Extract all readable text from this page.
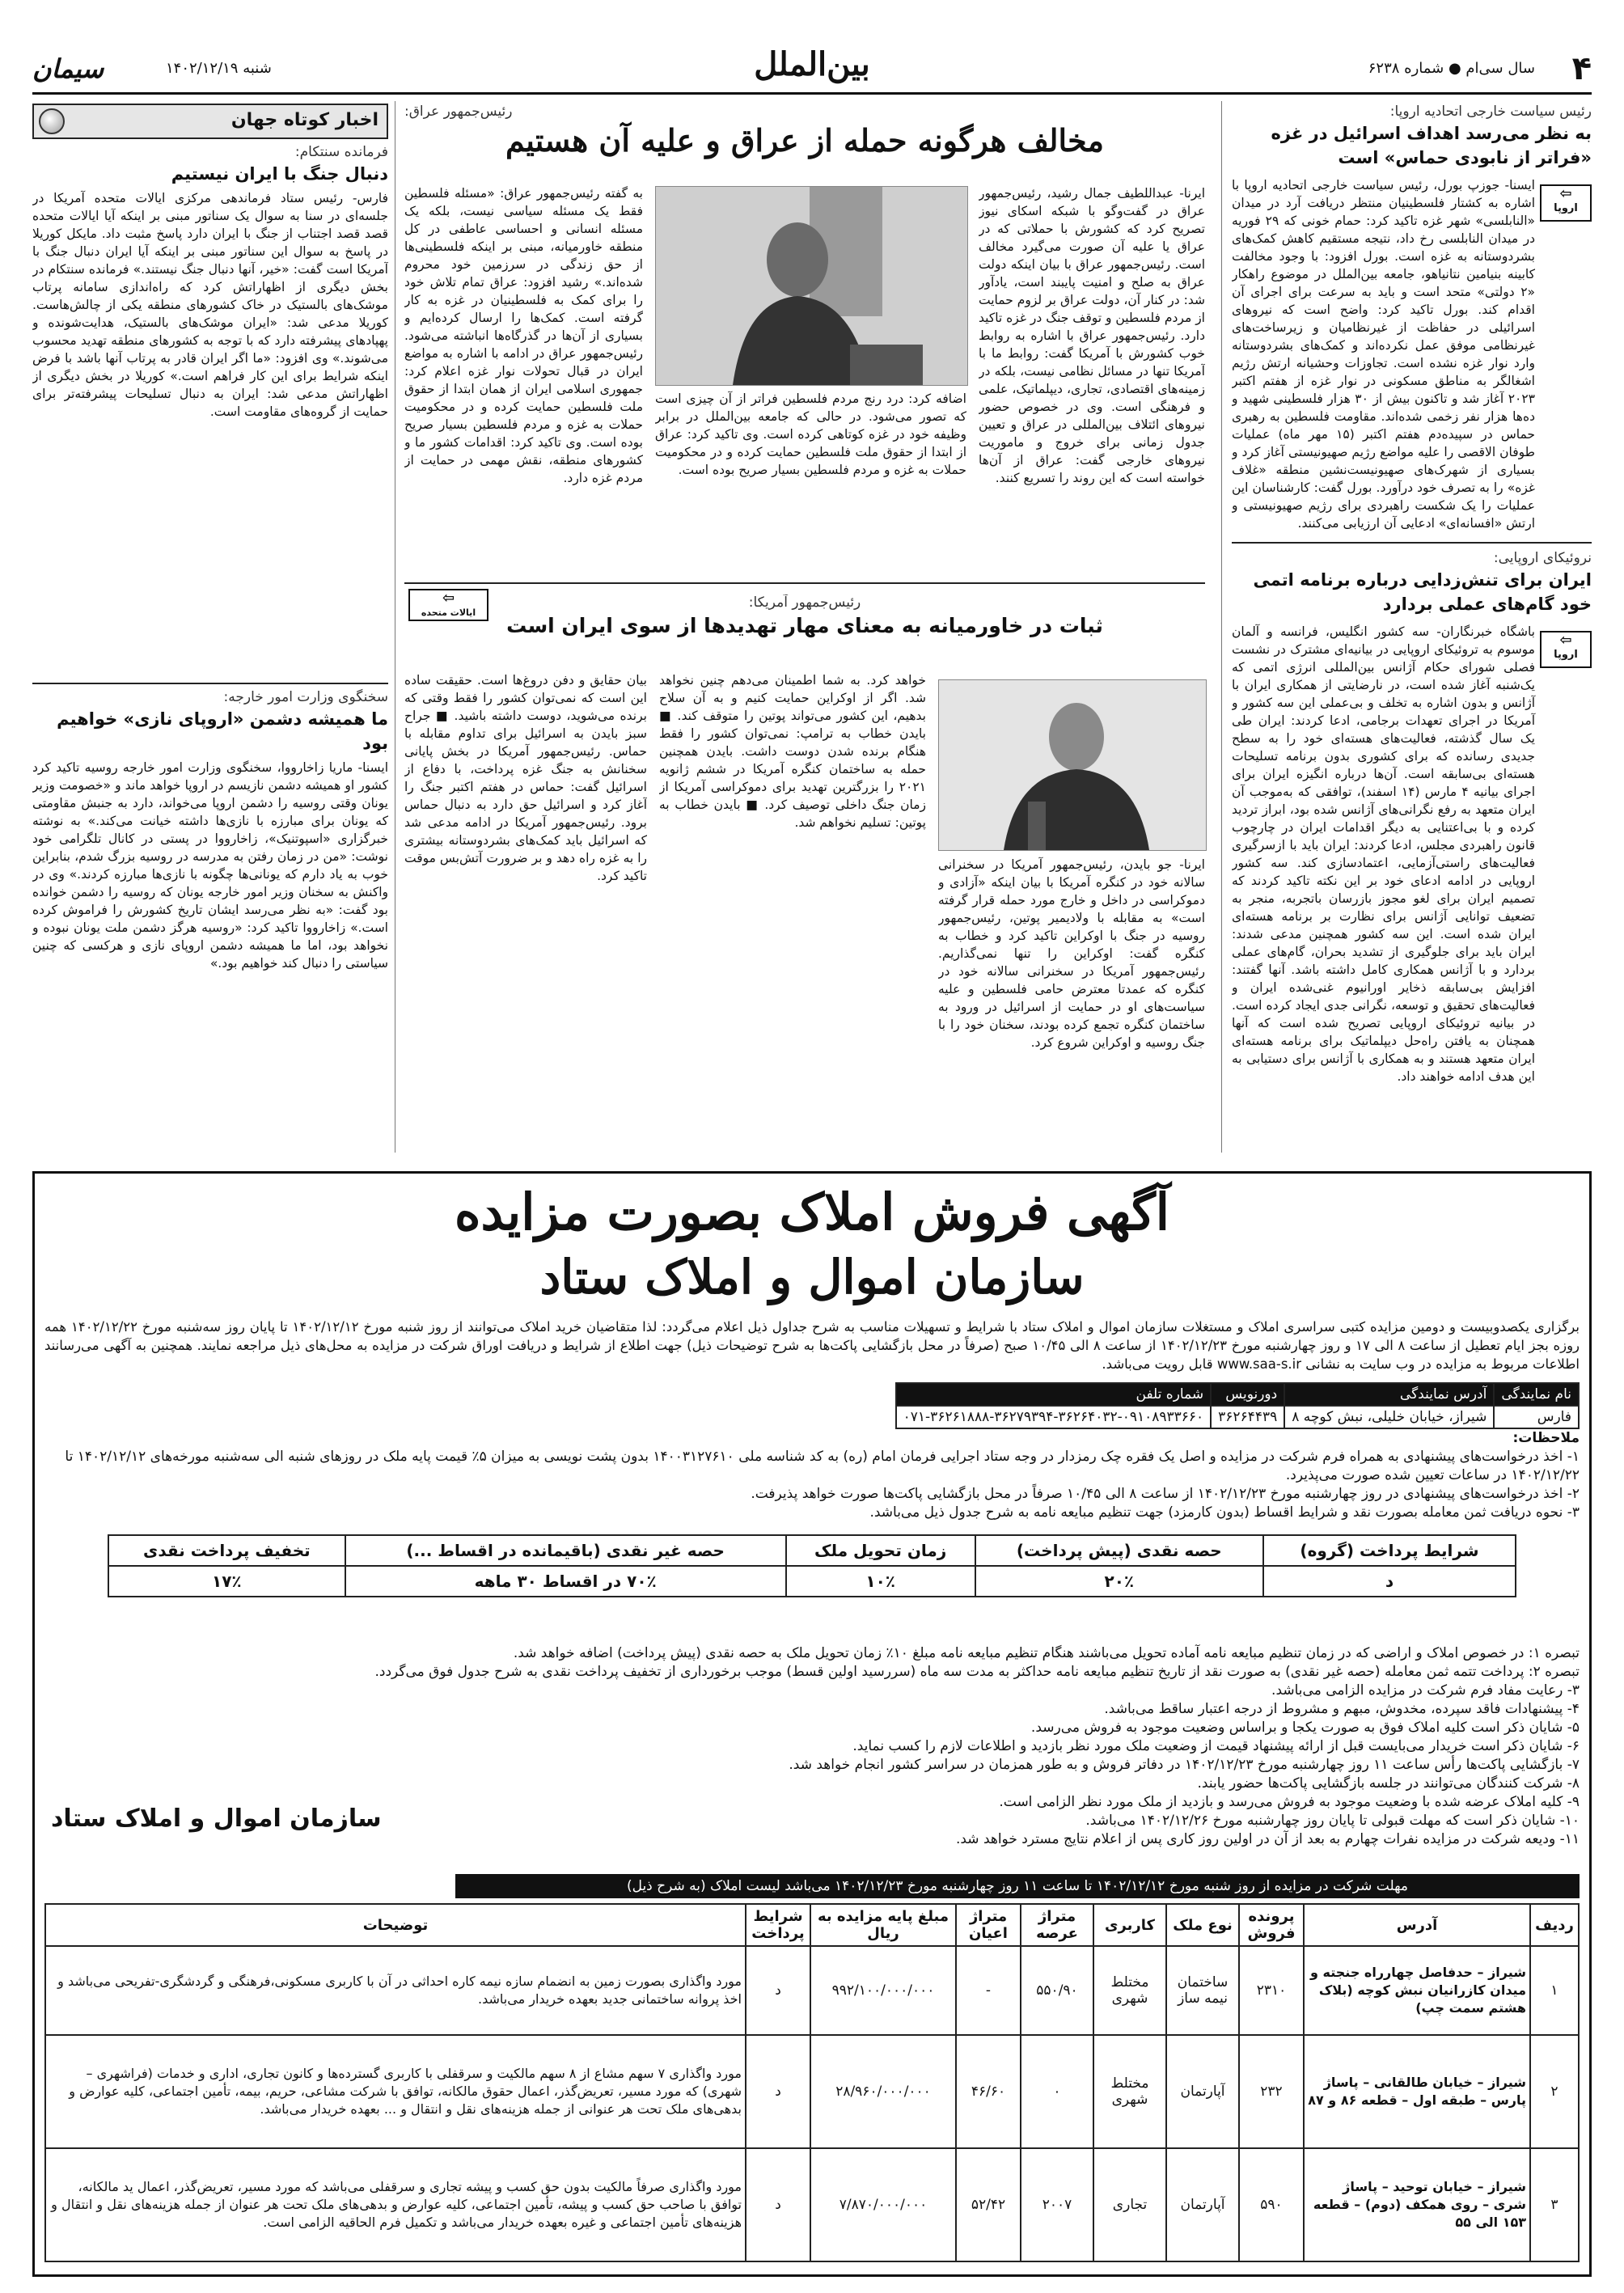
۴
سال سی‌ام ● شماره ۶۲۳۸
بین‌الملل
شنبه ۱۴۰۲/۱۲/۱۹
سیمان

رئیس سیاست خارجی اتحادیه اروپا:

به نظر می‌رسد اهداف اسرائیل در غزه «فراتر از نابودی حماس» است

⇦
اروپا

ایسنا- جوزپ بورل، رئیس سیاست خارجی اتحادیه اروپا با اشاره به کشتار فلسطینیان منتظر دریافت آرد در میدان «النابلسی» شهر غزه تاکید کرد: حمام خونی که ۲۹ فوریه در میدان النابلسی رخ داد، نتیجه مستقیم کاهش کمک‌های بشردوستانه به غزه است. بورل افزود: با وجود مخالفت کابینه بنیامین نتانیاهو، جامعه بین‌الملل در موضوع راهکار «۲ دولتی» متحد است و باید به سرعت برای اجرای آن اقدام کند. بورل تاکید کرد: واضح است که نیروهای اسرائیلی در حفاظت از غیرنظامیان و زیرساخت‌های غیرنظامی موفق عمل نکرده‌اند و کمک‌های بشردوستانه وارد نوار غزه نشده است. تجاوزات وحشیانه ارتش رژیم اشغالگر به مناطق مسکونی در نوار غزه از هفتم اکتبر ۲۰۲۳ آغاز شد و تاکنون بیش از ۳۰ هزار فلسطینی شهید و ده‌ها هزار نفر زخمی شده‌اند. مقاومت فلسطین به رهبری حماس در سپیده‌دم هفتم اکتبر (۱۵ مهر ماه) عملیات طوفان الاقصی را علیه مواضع رژیم صهیونیستی آغاز کرد و بسیاری از شهرک‌های صهیونیست‌نشین منطقه «غلاف غزه» را به تصرف خود درآورد. بورل گفت: کارشناسان این عملیات را یک شکست راهبردی برای رژیم صهیونیستی و ارتش «افسانه‌ای» ادعایی آن ارزیابی می‌کنند.

نروئیکای اروپایی:

ایران برای تنش‌زدایی درباره برنامه اتمی خود گام‌های عملی بردارد

⇦
اروپا

باشگاه خبرنگاران- سه کشور انگلیس، فرانسه و آلمان موسوم به تروئیکای اروپایی در بیانیه‌ای مشترک در نشست فصلی شورای حکام آژانس بین‌المللی انرژی اتمی که یک‌شنبه آغاز شده است، در نارضایتی از همکاری ایران با آژانس و بدون اشاره به تخلف و بی‌عملی این سه کشور و آمریکا در اجرای تعهدات برجامی، ادعا کردند: ایران طی یک سال گذشته، فعالیت‌های هسته‌ای خود را به سطح جدیدی رسانده که برای کشوری بدون برنامه تسلیحات هسته‌ای بی‌سابقه است. آن‌ها درباره انگیزه ایران برای اجرای بیانیه ۴ مارس (۱۴ اسفند)، توافقی که به‌موجب آن ایران متعهد به رفع نگرانی‌های آژانس شده بود، ابراز تردید کرده و با بی‌اعتنایی به دیگر اقدامات ایران در چارچوب قانون راهبردی مجلس، ادعا کردند: ایران باید با ازسرگیری فعالیت‌های راستی‌آزمایی، اعتمادسازی کند. سه کشور اروپایی در ادامه ادعای خود بر این نکته تاکید کردند که تصمیم ایران برای لغو مجوز بازرسان باتجربه، منجر به تضعیف توانایی آژانس برای نظارت بر برنامه هسته‌ای ایران شده است. این سه کشور همچنین مدعی شدند: ایران باید برای جلوگیری از تشدید بحران، گام‌های عملی بردارد و با آژانس همکاری کامل داشته باشد. آنها گفتند: افزایش بی‌سابقه ذخایر اورانیوم غنی‌شده ایران و فعالیت‌های تحقیق و توسعه، نگرانی جدی ایجاد کرده است. در بیانیه تروئیکای اروپایی تصریح شده است که آنها همچنان به یافتن راه‌حل دیپلماتیک برای برنامه هسته‌ای ایران متعهد هستند و به همکاری با آژانس برای دستیابی به این هدف ادامه خواهند داد.

رئیس‌جمهور عراق:

مخالف هرگونه حمله از عراق و علیه آن هستیم

ایرنا- عبداللطیف جمال رشید، رئیس‌جمهور عراق در گفت‌وگو با شبکه اسکای نیوز تصریح کرد که کشورش با حملاتی که در عراق یا علیه آن صورت می‌گیرد مخالف است. رئیس‌جمهور عراق با بیان اینکه دولت عراق به صلح و امنیت پایبند است، یادآور شد: در کنار آن، دولت عراق بر لزوم حمایت از مردم فلسطین و توقف جنگ در غزه تاکید دارد. رئیس‌جمهور عراق با اشاره به روابط خوب کشورش با آمریکا گفت: روابط ما با آمریکا تنها در مسائل نظامی نیست، بلکه در زمینه‌های اقتصادی، تجاری، دیپلماتیک، علمی و فرهنگی است. وی در خصوص حضور نیروهای ائتلاف بین‌المللی در عراق و تعیین جدول زمانی برای خروج و ماموریت نیروهای خارجی گفت: عراق از آن‌ها خواسته است که این روند را تسریع کنند.

اضافه کرد: درد رنج مردم فلسطین فراتر از آن چیزی است که تصور می‌شود. در حالی که جامعه بین‌الملل در برابر وظیفه خود در غزه کوتاهی کرده است. وی تاکید کرد: عراق از ابتدا از حقوق ملت فلسطین حمایت کرده و در محکومیت حملات به غزه و مردم فلسطین بسیار صریح بوده است.

به گفته رئیس‌جمهور عراق: «مسئله فلسطین فقط یک مسئله سیاسی نیست، بلکه یک مسئله انسانی و احساسی عاطفی در کل منطقه خاورمیانه، مبنی بر اینکه فلسطینی‌ها از حق زندگی در سرزمین خود محروم شده‌اند.» رشید افزود: عراق تمام تلاش خود را برای کمک به فلسطینیان در غزه به کار گرفته است. کمک‌ها را ارسال کرده‌ایم و بسیاری از آن‌ها در گذرگاه‌ها انباشته می‌شود. رئیس‌جمهور عراق در ادامه با اشاره به مواضع ایران در قبال تحولات نوار غزه اعلام کرد: جمهوری اسلامی ایران از همان ابتدا از حقوق ملت فلسطین حمایت کرده و در محکومیت حملات به غزه و مردم فلسطین بسیار صریح بوده است. وی تاکید کرد: اقدامات کشور ما و کشورهای منطقه، نقش مهمی در حمایت از مردم غزه دارد.

رئیس‌جمهور آمریکا:

ثبات در خاورمیانه به معنای مهار تهدیدها از سوی ایران است

⇦
ایالات متحده

ایرنا- جو بایدن، رئیس‌جمهور آمریکا در سخنرانی سالانه خود در کنگره آمریکا با بیان اینکه «آزادی و دموکراسی در داخل و خارج مورد حمله قرار گرفته است» به مقابله با ولادیمیر پوتین، رئیس‌جمهور روسیه در جنگ با اوکراین تاکید کرد و خطاب به کنگره گفت: اوکراین را تنها نمی‌گذاریم. رئیس‌جمهور آمریکا در سخنرانی سالانه خود در کنگره که عمدتا معترض حامی فلسطین و علیه سیاست‌های او در حمایت از اسرائیل در ورود به ساختمان کنگره تجمع کرده بودند، سخنان خود را با جنگ روسیه و اوکراین شروع کرد.

خواهد کرد. به شما اطمینان می‌دهم چنین نخواهد شد. اگر از اوکراین حمایت کنیم و به آن سلاح بدهیم، این کشور می‌تواند پوتین را متوقف کند. ■ بایدن خطاب به ترامپ: نمی‌توان کشور را فقط هنگام برنده شدن دوست داشت. بایدن همچنین حمله به ساختمان کنگره آمریکا در ششم ژانویه ۲۰۲۱ را بزرگترین تهدید برای دموکراسی آمریکا از زمان جنگ داخلی توصیف کرد. ■ بایدن خطاب به پوتین: تسلیم نخواهم شد.

بیان حقایق و دفن دروغ‌ها است. حقیقت ساده این است که نمی‌توان کشور را فقط وقتی که برنده می‌شوید، دوست داشته باشید. ■ جراح سبز بایدن به اسرائیل برای تداوم مقابله با حماس. رئیس‌جمهور آمریکا در بخش پایانی سخنانش به جنگ غزه پرداخت، با دفاع از اسرائیل گفت: حماس در هفتم اکتبر جنگ را آغاز کرد و اسرائیل حق دارد به دنبال حماس برود. رئیس‌جمهور آمریکا در ادامه مدعی شد که اسرائیل باید کمک‌های بشردوستانه بیشتری را به غزه راه دهد و بر ضرورت آتش‌بس موقت تاکید کرد.

اخبار کوتاه جهان

فرمانده سنتکام:

دنبال جنگ با ایران نیستیم

فارس- رئیس ستاد فرماندهی مرکزی ایالات متحده آمریکا در جلسه‌ای در سنا به سوال یک سناتور مبنی بر اینکه آیا ایالات متحده قصد قصد اجتناب از جنگ با ایران دارد پاسخ مثبت داد. مایکل کوریلا در پاسخ به سوال این سناتور مبنی بر اینکه آیا ایران دنبال جنگ با آمریکا است گفت: «خیر، آنها دنبال جنگ نیستند.» فرمانده سنتکام در بخش دیگری از اظهاراتش کرد که راه‌اندازی سامانه پرتاب موشک‌های بالستیک در خاک کشورهای منطقه یکی از چالش‌هاست. کوریلا مدعی شد: «ایران موشک‌های بالستیک، هدایت‌شونده و پهپادهای پیشرفته دارد که با توجه به کشورهای منطقه تهدید محسوب می‌شوند.» وی افزود: «ما اگر ایران قادر به پرتاب آنها باشد با فرض اینکه شرایط برای این کار فراهم است.» کوریلا در بخش دیگری از اظهاراتش مدعی شد: ایران به دنبال تسلیحات پیشرفته‌تر برای حمایت از گروه‌های مقاومت است.

سخنگوی وزارت امور خارجه:

ما همیشه دشمن «اروپای نازی» خواهیم بود

ایسنا- ماریا زاخارووا، سخنگوی وزارت امور خارجه روسیه تاکید کرد کشور او همیشه دشمن نازیسم در اروپا خواهد ماند و «خصومت وزیر یونان وقتی روسیه را دشمن اروپا می‌خواند، دارد به جنبش مقاومتی که یونان برای مبارزه با نازی‌ها داشته خیانت می‌کند.» به نوشته خبرگزاری «اسپوتنیک»، زاخارووا در پستی در کانال تلگرامی خود نوشت: «من در زمان رفتن به مدرسه در روسیه بزرگ شدم، بنابراین خوب به یاد دارم که یونانی‌ها چگونه با نازی‌ها مبارزه کردند.» وی در واکنش به سخنان وزیر امور خارجه یونان که روسیه را دشمن خوانده بود گفت: «به نظر می‌رسد ایشان تاریخ کشورش را فراموش کرده است.» زاخارووا تاکید کرد: «روسیه هرگز دشمن ملت یونان نبوده و نخواهد بود، اما ما همیشه دشمن اروپای نازی و هرکسی که چنین سیاستی را دنبال کند خواهیم بود.»

آگهی فروش املاک بصورت مزایده
سازمان اموال و املاک ستاد

برگزاری یکصدوبیست و دومین مزایده کتبی سراسری املاک و مستغلات سازمان اموال و املاک ستاد با شرایط و تسهیلات مناسب به شرح جداول ذیل اعلام می‌گردد: لذا متقاضیان خرید املاک می‌توانند از روز شنبه مورخ ۱۴۰۲/۱۲/۱۲ تا پایان روز سه‌شنبه مورخ ۱۴۰۲/۱۲/۲۲ همه روزه بجز ایام تعطیل از ساعت ۸ الی ۱۷ و روز چهارشنبه مورخ ۱۴۰۲/۱۲/۲۳ از ساعت ۸ الی ۱۰/۴۵ صبح (صرفاً در محل بازگشایی پاکت‌ها به شرح توضیحات ذیل) جهت اطلاع از شرایط و دریافت اوراق شرکت در مزایده به محل‌های ذیل مراجعه نمایند. همچنین به آگهی می‌رسانند اطلاعات مربوط به مزایده در وب سایت به نشانی www.saa-s.ir قابل رویت می‌باشد.

نام نمایندگی	آدرس نمایندگی	دورنویس	شماره تلفن
فارس	شیراز، خیابان خلیلی، نبش کوچه ۸	۳۶۲۶۴۴۳۹	۰۷۱-۳۶۲۶۱۸۸۸-۳۶۲۷۹۳۹۴-۳۶۲۶۴۰۳۲-۰۹۱۰۸۹۳۳۶۶۰

ملاحظات:

۱- اخذ درخواست‌های پیشنهادی به همراه فرم شرکت در مزایده و اصل یک فقره چک رمزدار در وجه ستاد اجرایی فرمان امام (ره) به کد شناسه ملی ۱۴۰۰۳۱۲۷۶۱۰ بدون پشت نویسی به میزان ۵٪ قیمت پایه ملک در روزهای شنبه الی سه‌شنبه مورخه‌های ۱۴۰۲/۱۲/۱۲ تا ۱۴۰۲/۱۲/۲۲ در ساعات تعیین شده صورت می‌پذیرد.

۲- اخذ درخواست‌های پیشنهادی در روز چهارشنبه مورخ ۱۴۰۲/۱۲/۲۳ از ساعت ۸ الی ۱۰/۴۵ صرفاً در محل بازگشایی پاکت‌ها صورت خواهد پذیرفت.

۳- نحوه دریافت ثمن معامله بصورت نقد و شرایط اقساط (بدون کارمزد) جهت تنظیم مبایعه نامه به شرح جدول ذیل می‌باشد.

شرایط پرداخت (گروه)	حصه نقدی (پیش پرداخت)	زمان تحویل ملک	حصه غیر نقدی (باقیمانده در اقساط ...)	تخفیف پرداخت نقدی
د	۲۰٪	۱۰٪	۷۰٪ در اقساط ۳۰ ماهه	۱۷٪

تبصره ۱: در خصوص املاک و اراضی که در زمان تنظیم مبایعه نامه آماده تحویل می‌باشند هنگام تنظیم مبایعه نامه مبلغ ۱۰٪ زمان تحویل ملک به حصه نقدی (پیش پرداخت) اضافه خواهد شد.

تبصره ۲: پرداخت تتمه ثمن معامله (حصه غیر نقدی) به صورت نقد از تاریخ تنظیم مبایعه نامه حداکثر به مدت سه ماه (سررسید اولین قسط) موجب برخورداری از تخفیف پرداخت نقدی به شرح جدول فوق می‌گردد.

۳- رعایت مفاد فرم شرکت در مزایده الزامی می‌باشد.

۴- پیشنهادات فاقد سپرده، مخدوش، مبهم و مشروط از درجه اعتبار ساقط می‌باشد.

۵- شایان ذکر است کلیه املاک فوق به صورت یکجا و براساس وضعیت موجود به فروش می‌رسد.

۶- شایان ذکر است خریدار می‌بایست قبل از ارائه پیشنهاد قیمت از وضعیت ملک مورد نظر بازدید و اطلاعات لازم را کسب نماید.

۷- بازگشایی پاکت‌ها رأس ساعت ۱۱ روز چهارشنبه مورخ ۱۴۰۲/۱۲/۲۳ در دفاتر فروش و به طور همزمان در سراسر کشور انجام خواهد شد.

۸- شرکت کنندگان می‌توانند در جلسه بازگشایی پاکت‌ها حضور یابند.

۹- کلیه املاک عرضه شده با وضعیت موجود به فروش می‌رسد و بازدید از ملک مورد نظر الزامی است.

۱۰- شایان ذکر است که مهلت قبولی تا پایان روز چهارشنبه مورخ ۱۴۰۲/۱۲/۲۶ می‌باشد.

۱۱- ودیعه شرکت در مزایده نفرات چهارم به بعد از آن در اولین روز کاری پس از اعلام نتایج مسترد خواهد شد.

سازمان اموال و املاک ستاد
مهلت شرکت در مزایده از روز شنبه مورخ ۱۴۰۲/۱۲/۱۲ تا ساعت ۱۱ روز چهارشنبه مورخ ۱۴۰۲/۱۲/۲۳ می‌باشد لیست املاک (به شرح ذیل)
ردیف	آدرس	پرونده فروش	نوع ملک	کاربری	متراژ عرصه	متراژ اعیان	مبلغ پایه مزایده به ریال	شرایط پرداخت	توضیحات
۱	شیراز – حدفاصل چهارراه جنجته و میدان کازرانیان نبش کوچه (بلاک هشتم سمت چپ)	۲۳۱۰	ساختمان نیمه ساز	مختلط شهری	۵۵۰/۹۰	-	۹۹۲/۱۰۰/۰۰۰/۰۰۰	د	مورد واگذاری بصورت زمین به انضمام سازه نیمه کاره احداثی در آن با کاربری مسکونی،فرهنگی و گردشگری-تفریحی می‌باشد و اخذ پروانه ساختمانی جدید بعهده خریدار می‌باشد.
۲	شیراز – خیابان طالقانی – پاساژ پارس – طبقه اول – قطعه ۸۶ و ۸۷	۲۳۲	آپارتمان	مختلط شهری	۰	۴۶/۶۰	۲۸/۹۶۰/۰۰۰/۰۰۰	د	مورد واگذاری ۷ سهم مشاع از ۸ سهم مالکیت و سرقفلی با کاربری گسترده‌ها و کانون تجاری، اداری و خدمات (فراشهری – شهری) که مورد مسیر، تعریض‌گذر، اعمال حقوق مالکانه، توافق با شرکت مشاعی، حریم، بیمه، تأمین اجتماعی، کلیه عوارض و بدهی‌های ملک تحت هر عنوانی از جمله هزینه‌های نقل و انتقال و ... بعهده خریدار می‌باشد.
۳	شیراز – خیابان توحید – پاساژ شری – روی همکف (دوم) – قطعه ۱۵۳ الی ۵۵	۵۹۰	آپارتمان	تجاری	۲۰۰۷	۵۲/۴۲	۷/۸۷۰/۰۰۰/۰۰۰	د	مورد واگذاری صرفاً مالکیت بدون حق کسب و پیشه تجاری و سرقفلی می‌باشد که مورد مسیر، تعریض‌گذر، اعمال ید مالکانه، توافق با صاحب حق کسب و پیشه، تأمین اجتماعی، کلیه عوارض و بدهی‌های ملک تحت هر عنوان از جمله هزینه‌های نقل و انتقال و هزینه‌های تأمین اجتماعی و غیره بعهده خریدار می‌باشد و تکمیل فرم الحاقیه الزامی است.
